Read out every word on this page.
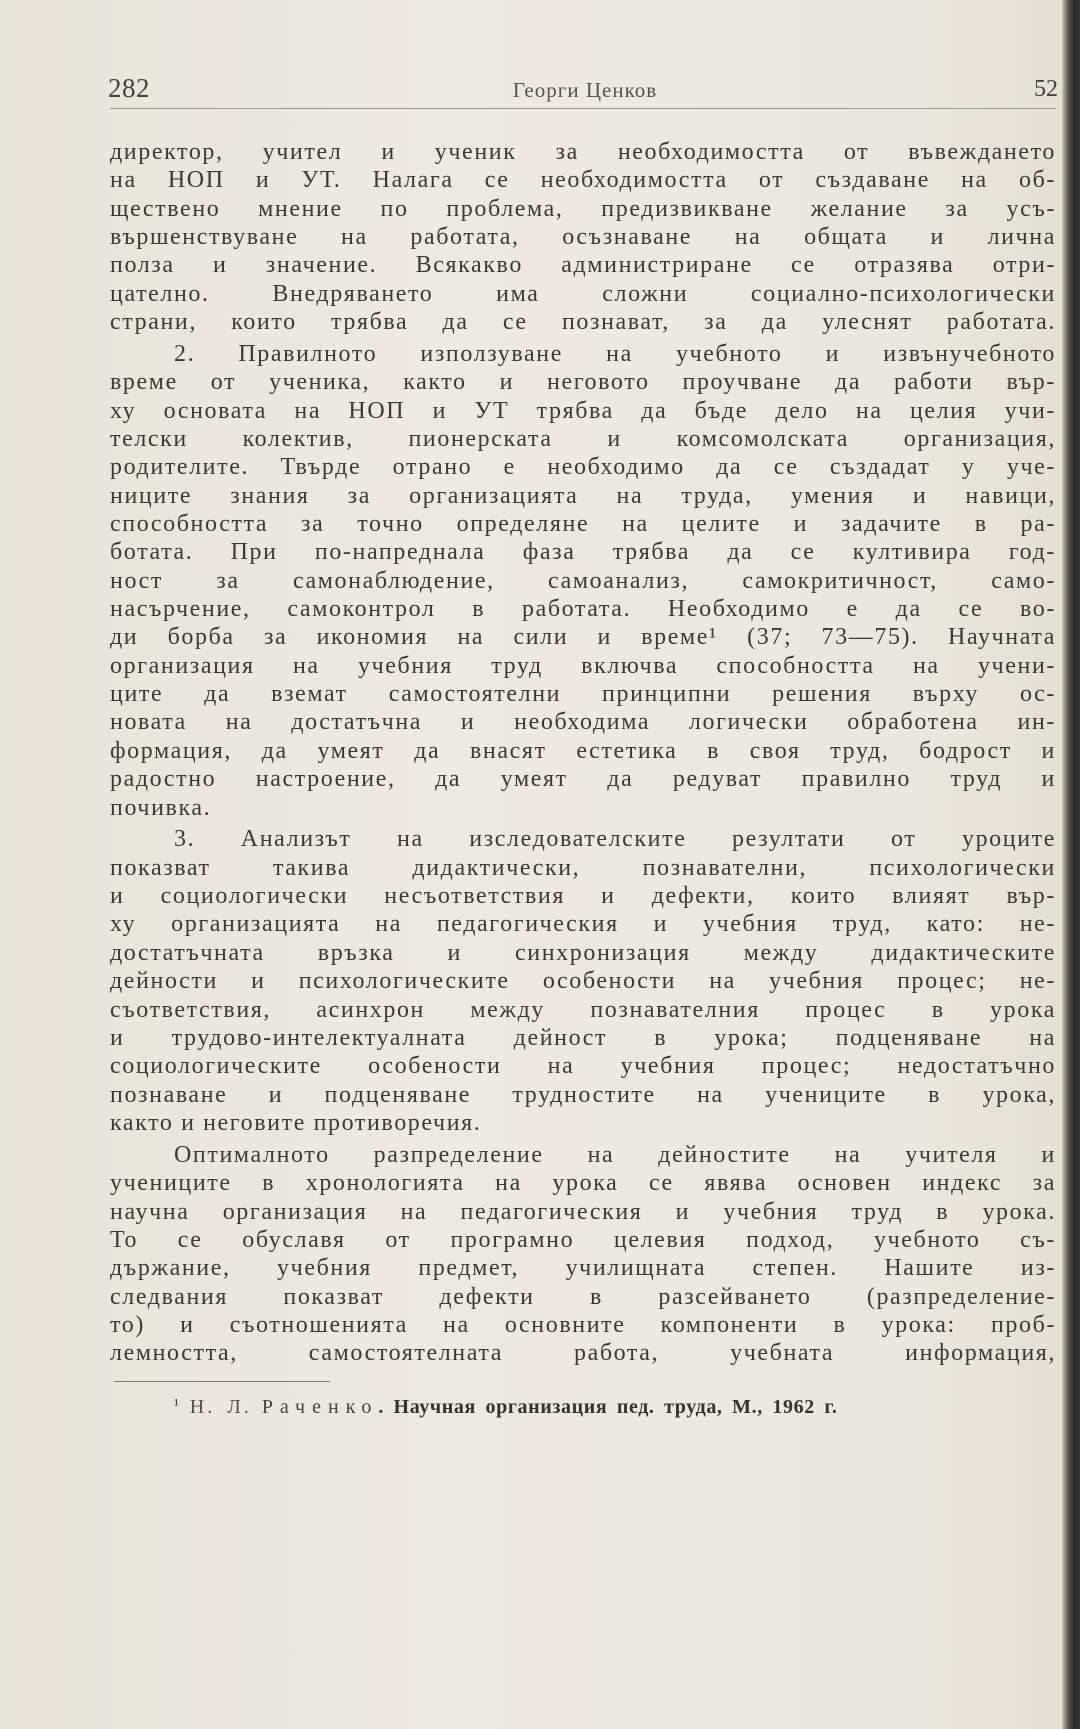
282	Георги Ценков	52
директор, учител и ученик за необходимостта от въвеждането
на НОП и УТ. Налага се необходимостта от създаване на об-
ществено мнение по проблема, предизвикване желание за усъ-
вършенствуване на работата, осъзнаване на общата и лична
полза и значение. Всякакво администриране се отразява отри-
цателно. Внедряването има сложни социално-психологически
страни, които трябва да се познават, за да улеснят работата.
2. Правилното използуване на учебното и извънучебното
време от ученика, както и неговото проучване да работи вър-
ху основата на НОП и УТ трябва да бъде дело на целия учи-
телски колектив, пионерската и комсомолската организация,
родителите. Твърде отрано е необходимо да се създадат у уче-
ниците знания за организацията на труда, умения и навици,
способността за точно определяне на целите и задачите в ра-
ботата. При по-напреднала фаза трябва да се култивира год-
ност за самонаблюдение, самоанализ, самокритичност, само-
насърчение, самоконтрол в работата. Необходимо е да се во-
ди борба за икономия на сили и време¹ (37; 73—75). Научната
организация на учебния труд включва способността на учени-
ците да вземат самостоятелни принципни решения върху ос-
новата на достатъчна и необходима логически обработена ин-
формация, да умеят да внасят естетика в своя труд, бодрост и
радостно настроение, да умеят да редуват правилно труд и
почивка.
3. Анализът на изследователските резултати от уроците
показват такива дидактически, познавателни, психологически
и социологически несъответствия и дефекти, които влияят вър-
ху организацията на педагогическия и учебния труд, като: не-
достатъчната връзка и синхронизация между дидактическите
дейности и психологическите особености на учебния процес; не-
съответствия, асинхрон между познавателния процес в урока
и трудово-интелектуалната дейност в урока; подценяване на
социологическите особености на учебния процес; недостатъчно
познаване и подценяване трудностите на учениците в урока,
както и неговите противоречия.
Оптималното разпределение на дейностите на учителя и
учениците в хронологията на урока се явява основен индекс за
научна организация на педагогическия и учебния труд в урока.
То се обуславя от програмно целевия подход, учебното съ-
държание, учебния предмет, училищната степен. Нашите из-
следвания показват дефекти в разсейването (разпределение-
то) и съотношенията на основните компоненти в урока: проб-
лемността, самостоятелната работа, учебната информация,
¹ Н. Л. Раченко. Научная организация пед. труда, М., 1962 г.
